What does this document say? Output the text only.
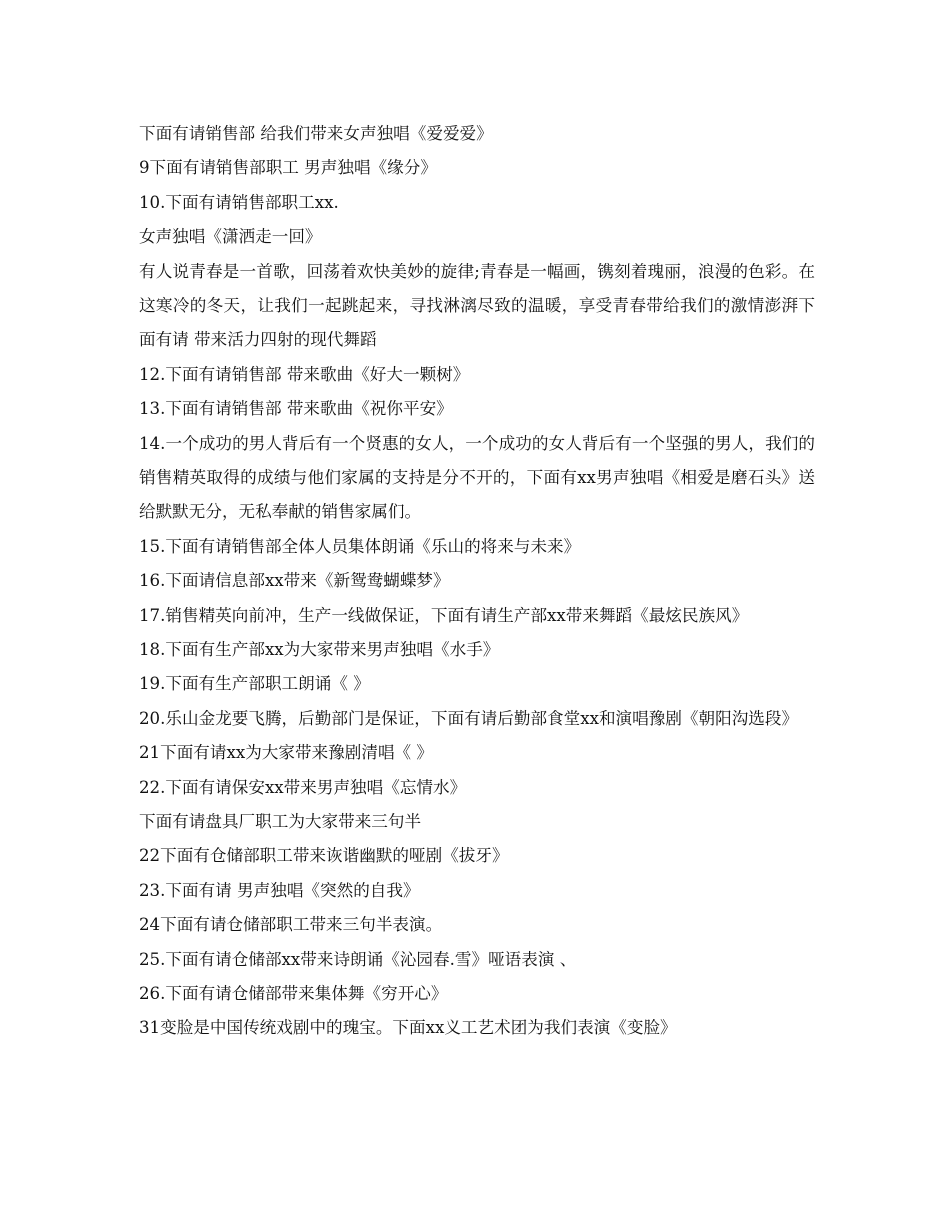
下面有请销售部 给我们带来女声独唱《爱爱爱》
9下面有请销售部职工 男声独唱《缘分》
10.下面有请销售部职工xx.
女声独唱《潇洒走一回》
有人说青春是一首歌，回荡着欢快美妙的旋律;青春是一幅画，镌刻着瑰丽，浪漫的色彩。在这寒冷的冬天，让我们一起跳起来，寻找淋漓尽致的温暖，享受青春带给我们的激情澎湃下面有请 带来活力四射的现代舞蹈
12.下面有请销售部 带来歌曲《好大一颗树》
13.下面有请销售部 带来歌曲《祝你平安》
14.一个成功的男人背后有一个贤惠的女人，一个成功的女人背后有一个坚强的男人，我们的销售精英取得的成绩与他们家属的支持是分不开的，下面有xx男声独唱《相爱是磨石头》送给默默无分，无私奉献的销售家属们。
15.下面有请销售部全体人员集体朗诵《乐山的将来与未来》
16.下面请信息部xx带来《新鸳鸯蝴蝶梦》
17.销售精英向前冲，生产一线做保证，下面有请生产部xx带来舞蹈《最炫民族风》
18.下面有生产部xx为大家带来男声独唱《水手》
19.下面有生产部职工朗诵《 》
20.乐山金龙要飞腾，后勤部门是保证，下面有请后勤部食堂xx和演唱豫剧《朝阳沟选段》
21下面有请xx为大家带来豫剧清唱《 》
22.下面有请保安xx带来男声独唱《忘情水》
下面有请盘具厂职工为大家带来三句半
22下面有仓储部职工带来诙谐幽默的哑剧《拔牙》
23.下面有请 男声独唱《突然的自我》
24下面有请仓储部职工带来三句半表演。
25.下面有请仓储部xx带来诗朗诵《沁园春.雪》哑语表演 、
26.下面有请仓储部带来集体舞《穷开心》
31变脸是中国传统戏剧中的瑰宝。下面xx义工艺术团为我们表演《变脸》
